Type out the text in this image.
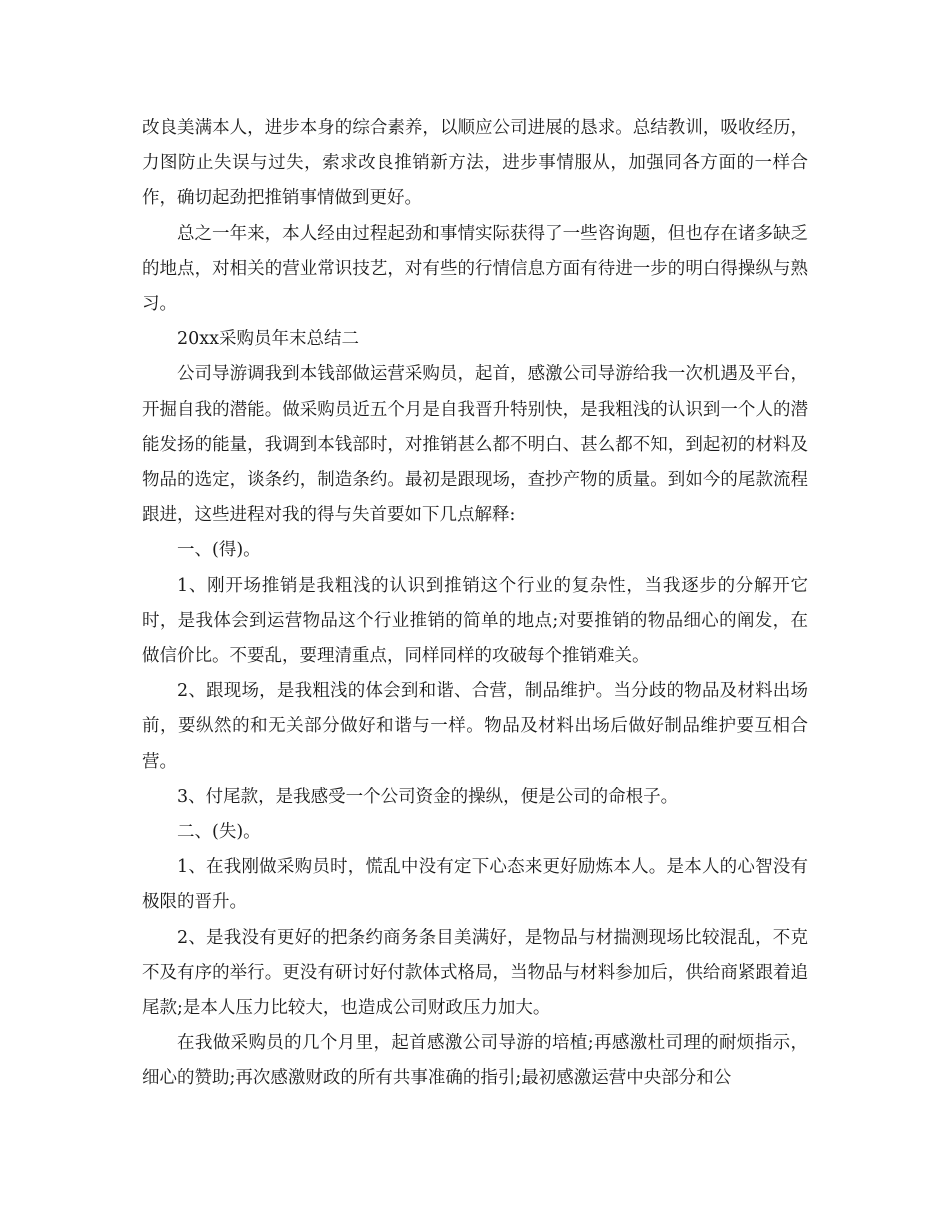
改良美满本人，进步本身的综合素养，以顺应公司进展的恳求。总结教训，吸收经历，力图防止失误与过失，索求改良推销新方法，进步事情服从，加强同各方面的一样合作，确切起劲把推销事情做到更好。

总之一年来，本人经由过程起劲和事情实际获得了一些咨询题，但也存在诸多缺乏的地点，对相关的营业常识技艺，对有些的行情信息方面有待进一步的明白得操纵与熟习。

20xx采购员年末总结二

公司导游调我到本钱部做运营采购员，起首，感激公司导游给我一次机遇及平台，开掘自我的潜能。做采购员近五个月是自我晋升特别快，是我粗浅的认识到一个人的潜能发扬的能量，我调到本钱部时，对推销甚么都不明白、甚么都不知，到起初的材料及物品的选定，谈条约，制造条约。最初是跟现场，查抄产物的质量。到如今的尾款流程跟进，这些进程对我的得与失首要如下几点解释:

一、(得)。

1、刚开场推销是我粗浅的认识到推销这个行业的复杂性，当我逐步的分解开它时，是我体会到运营物品这个行业推销的简单的地点;对要推销的物品细心的阐发，在做信价比。不要乱，要理清重点，同样同样的攻破每个推销难关。

2、跟现场，是我粗浅的体会到和谐、合营，制品维护。当分歧的物品及材料出场前，要纵然的和无关部分做好和谐与一样。物品及材料出场后做好制品维护要互相合营。

3、付尾款，是我感受一个公司资金的操纵，便是公司的命根子。

二、(失)。

1、在我刚做采购员时，慌乱中没有定下心态来更好励炼本人。是本人的心智没有极限的晋升。

2、是我没有更好的把条约商务条目美满好，是物品与材揣测现场比较混乱，不克不及有序的举行。更没有研讨好付款体式格局，当物品与材料参加后，供给商紧跟着追尾款;是本人压力比较大，也造成公司财政压力加大。

在我做采购员的几个月里，起首感激公司导游的培植;再感激杜司理的耐烦指示，细心的赞助;再次感激财政的所有共事准确的指引;最初感激运营中央部分和公
